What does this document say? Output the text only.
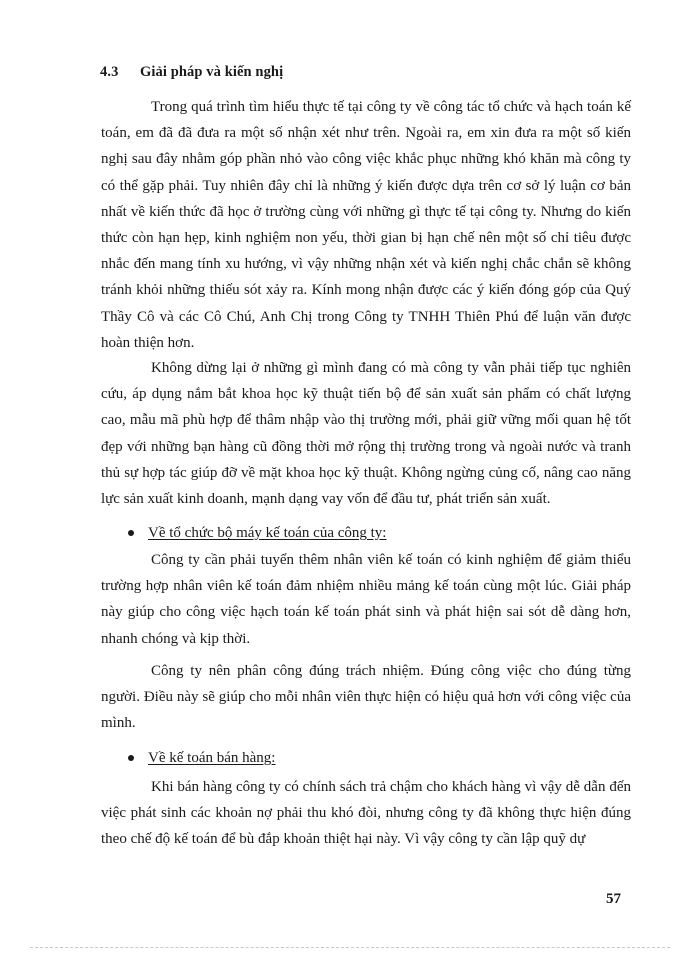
4.3 Giải pháp và kiến nghị

Trong quá trình tìm hiểu thực tế tại công ty về công tác tổ chức và hạch toán kế toán, em đã đã đưa ra một số nhận xét như trên. Ngoài ra, em xin đưa ra một số kiến nghị sau đây nhằm góp phần nhỏ vào công việc khắc phục những khó khăn mà công ty có thể gặp phải. Tuy nhiên đây chỉ là những ý kiến được dựa trên cơ sở lý luận cơ bản nhất về kiến thức đã học ở trường cùng với những gì thực tế tại công ty. Nhưng do kiến thức còn hạn hẹp, kinh nghiệm non yếu, thời gian bị hạn chế nên một số chỉ tiêu được nhắc đến mang tính xu hướng, vì vậy những nhận xét và kiến nghị chắc chắn sẽ không tránh khỏi những thiếu sót xảy ra. Kính mong nhận được các ý kiến đóng góp của Quý Thầy Cô và các Cô Chú, Anh Chị trong Công ty TNHH Thiên Phú để luận văn được hoàn thiện hơn.

Không dừng lại ở những gì mình đang có mà công ty vẫn phải tiếp tục nghiên cứu, áp dụng nắm bắt khoa học kỹ thuật tiến bộ để sản xuất sản phẩm có chất lượng cao, mẫu mã phù hợp để thâm nhập vào thị trường mới, phải giữ vững mối quan hệ tốt đẹp với những bạn hàng cũ đồng thời mở rộng thị trường trong và ngoài nước và tranh thủ sự hợp tác giúp đỡ về mặt khoa học kỹ thuật. Không ngừng củng cố, nâng cao năng lực sản xuất kinh doanh, mạnh dạng vay vốn để đầu tư, phát triển sản xuất.

Về tổ chức bộ máy kế toán của công ty:

Công ty cần phải tuyển thêm nhân viên kế toán có kinh nghiệm để giảm thiểu trường hợp nhân viên kế toán đảm nhiệm nhiều mảng kế toán cùng một lúc. Giải pháp này giúp cho công việc hạch toán kế toán phát sinh và phát hiện sai sót dễ dàng hơn, nhanh chóng và kịp thời.

Công ty nên phân công đúng trách nhiệm. Đúng công việc cho đúng từng người. Điều này sẽ giúp cho mỗi nhân viên thực hiện có hiệu quả hơn với công việc của mình.

Về kế toán bán hàng:

Khi bán hàng công ty có chính sách trả chậm cho khách hàng vì vậy dễ dẫn đến việc phát sinh các khoản nợ phải thu khó đòi, nhưng công ty đã không thực hiện đúng theo chế độ kế toán để bù đắp khoản thiệt hại này. Vì vậy công ty cần lập quỹ dự

57
